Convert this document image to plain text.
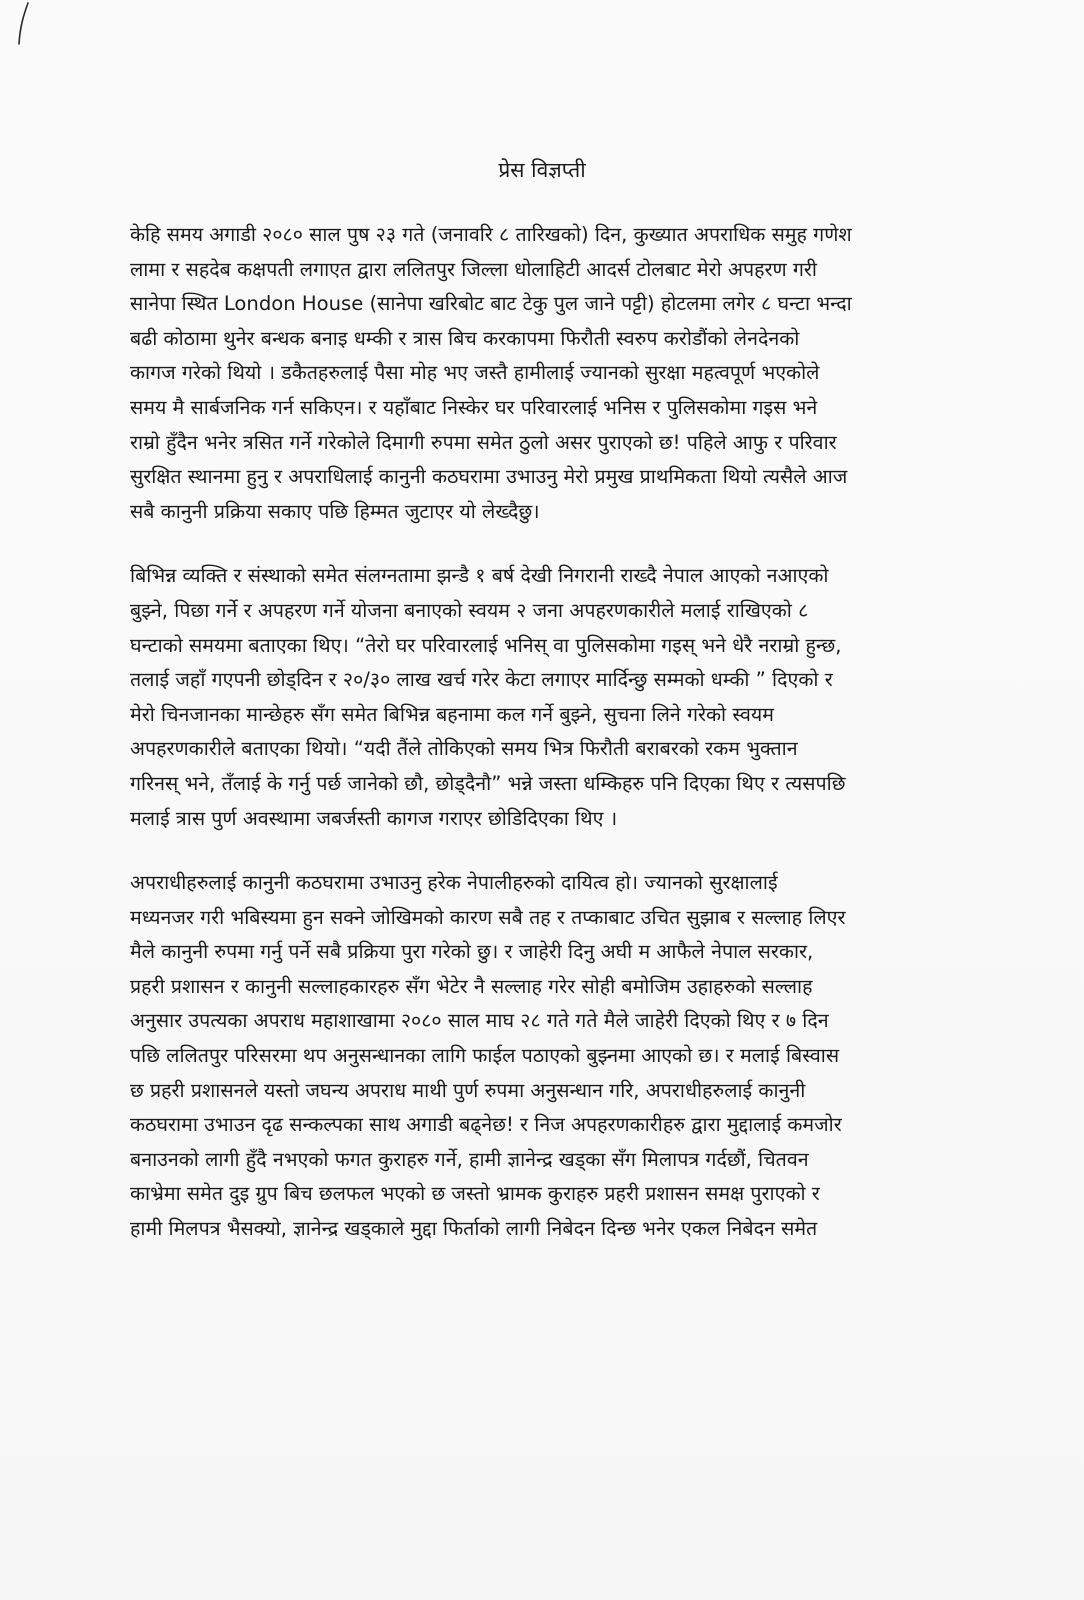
प्रेस विज्ञप्ती
केहि समय अगाडी २०८० साल पुष २३ गते (जनावरि ८ तारिखको) दिन, कुख्यात अपराधिक समुह गणेश
लामा र सहदेब कक्षपती लगाएत द्वारा ललितपुर जिल्ला धोलाहिटी आदर्स टोलबाट मेरो अपहरण गरी
सानेपा स्थित London House (सानेपा खरिबोट बाट टेकु पुल जाने पट्टी) होटलमा लगेर ८ घन्टा भन्दा
बढी कोठामा थुनेर बन्धक बनाइ धम्की र त्रास बिच करकापमा फिरौती स्वरुप करोडौंको लेनदेनको
कागज गरेको थियो । डकैतहरुलाई पैसा मोह भए जस्तै हामीलाई ज्यानको सुरक्षा महत्वपूर्ण भएकोले
समय मै सार्बजनिक गर्न सकिएन। र यहाँबाट निस्केर घर परिवारलाई भनिस र पुलिसकोमा गइस भने
राम्रो हुँदैन भनेर त्रसित गर्ने गरेकोले दिमागी रुपमा समेत ठुलो असर पुराएको छ! पहिले आफु र परिवार
सुरक्षित स्थानमा हुनु र अपराधिलाई कानुनी कठघरामा उभाउनु मेरो प्रमुख प्राथमिकता थियो त्यसैले आज
सबै कानुनी प्रक्रिया सकाए पछि हिम्मत जुटाएर यो लेख्दैछु।
बिभिन्न व्यक्ति र संस्थाको समेत संलग्नतामा झन्डै १ बर्ष देखी निगरानी राख्दै नेपाल आएको नआएको
बुझ्ने, पिछा गर्ने र अपहरण गर्ने योजना बनाएको स्वयम २ जना अपहरणकारीले मलाई राखिएको ८
घन्टाको समयमा बताएका थिए। “तेरो घर परिवारलाई भनिस् वा पुलिसकोमा गइस् भने धेरै नराम्रो हुन्छ,
तलाई जहाँ गएपनी छोड्दिन र २०/३० लाख खर्च गरेर केटा लगाएर मार्दिन्छु सम्मको धम्की ” दिएको र
मेरो चिनजानका मान्छेहरु सँग समेत बिभिन्न बहनामा कल गर्ने बुझ्ने, सुचना लिने गरेको स्वयम
अपहरणकारीले बताएका थियो। “यदी तैंले तोकिएको समय भित्र फिरौती बराबरको रकम भुक्तान
गरिनस् भने, तँलाई के गर्नु पर्छ जानेको छौ, छोड्दैनौ” भन्ने जस्ता धम्किहरु पनि दिएका थिए र त्यसपछि
मलाई त्रास पुर्ण अवस्थामा जबर्जस्ती कागज गराएर छोडिदिएका थिए ।
अपराधीहरुलाई कानुनी कठघरामा उभाउनु हरेक नेपालीहरुको दायित्व हो। ज्यानको सुरक्षालाई
मध्यनजर गरी भबिस्यमा हुन सक्ने जोखिमको कारण सबै तह र तप्काबाट उचित सुझाब र सल्लाह लिएर
मैले कानुनी रुपमा गर्नु पर्ने सबै प्रक्रिया पुरा गरेको छु। र जाहेरी दिनु अघी म आफैले नेपाल सरकार,
प्रहरी प्रशासन र कानुनी सल्लाहकारहरु सँग भेटेर नै सल्लाह गरेर सोही बमोजिम उहाहरुको सल्लाह
अनुसार उपत्यका अपराध महाशाखामा २०८० साल माघ २८ गते गते मैले जाहेरी दिएको थिए र ७ दिन
पछि ललितपुर परिसरमा थप अनुसन्धानका लागि फाईल पठाएको बुझ्नमा आएको छ। र मलाई बिस्वास
छ प्रहरी प्रशासनले यस्तो जघन्य अपराध माथी पुर्ण रुपमा अनुसन्धान गरि, अपराधीहरुलाई कानुनी
कठघरामा उभाउन दृढ सन्कल्पका साथ अगाडी बढ्नेछ! र निज अपहरणकारीहरु द्वारा मुद्दालाई कमजोर
बनाउनको लागी हुँदै नभएको फगत कुराहरु गर्ने, हामी ज्ञानेन्द्र खड्का सँग मिलापत्र गर्दछौं, चितवन
काभ्रेमा समेत दुइ ग्रुप बिच छलफल भएको छ जस्तो भ्रामक कुराहरु प्रहरी प्रशासन समक्ष पुराएको र
हामी मिलपत्र भैसक्यो, ज्ञानेन्द्र खड्काले मुद्दा फिर्ताको लागी निबेदन दिन्छ भनेर एकल निबेदन समेत
